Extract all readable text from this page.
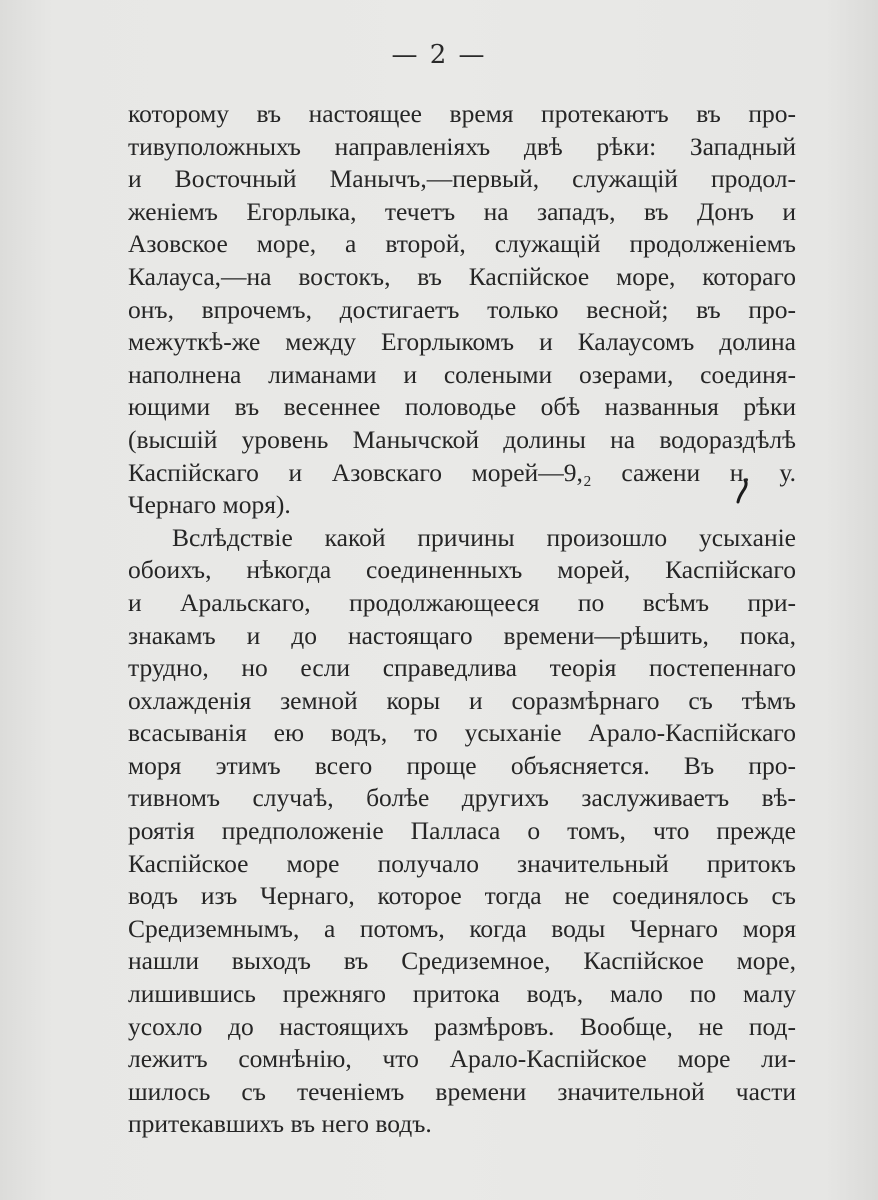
— 2 —
которому въ настоящее время протекаютъ въ про-
тивуположныхъ направленіяхъ двѣ рѣки: Западный
и Восточный Манычъ,—первый, служащій продол-
женіемъ Егорлыка, течетъ на западъ, въ Донъ и
Азовское море, а второй, служащій продолженіемъ
Калауса,—на востокъ, въ Каспійское море, котораго
онъ, впрочемъ, достигаетъ только весной; въ про-
межуткѣ-же между Егорлыкомъ и Калаусомъ долина
наполнена лиманами и солеными озерами, соединя-
ющими въ весеннее половодье обѣ названныя рѣки
(высшій уровень Манычской долины на водораздѣлѣ
Каспійскаго и Азовскаго морей—9,₂ сажени н. у.
Чернаго моря).
Вслѣдствіе какой причины произошло усыханіе
обоихъ, нѣкогда соединенныхъ морей, Каспійскаго
и Аральскаго, продолжающееся по всѣмъ при-
знакамъ и до настоящаго времени—рѣшить, пока,
трудно, но если справедлива теорія постепеннаго
охлажденія земной коры и соразмѣрнаго съ тѣмъ
всасыванія ею водъ, то усыханіе Арало-Каспійскаго
моря этимъ всего проще объясняется. Въ про-
тивномъ случаѣ, болѣе другихъ заслуживаетъ вѣ-
роятія предположеніе Палласа о томъ, что прежде
Каспійское море получало значительный притокъ
водъ изъ Чернаго, которое тогда не соединялось съ
Средиземнымъ, а потомъ, когда воды Чернаго моря
нашли выходъ въ Средиземное, Каспійское море,
лишившись прежняго притока водъ, мало по малу
усохло до настоящихъ размѣровъ. Вообще, не под-
лежитъ сомнѣнію, что Арало-Каспійское море ли-
шилось съ теченіемъ времени значительной части
притекавшихъ въ него водъ.
